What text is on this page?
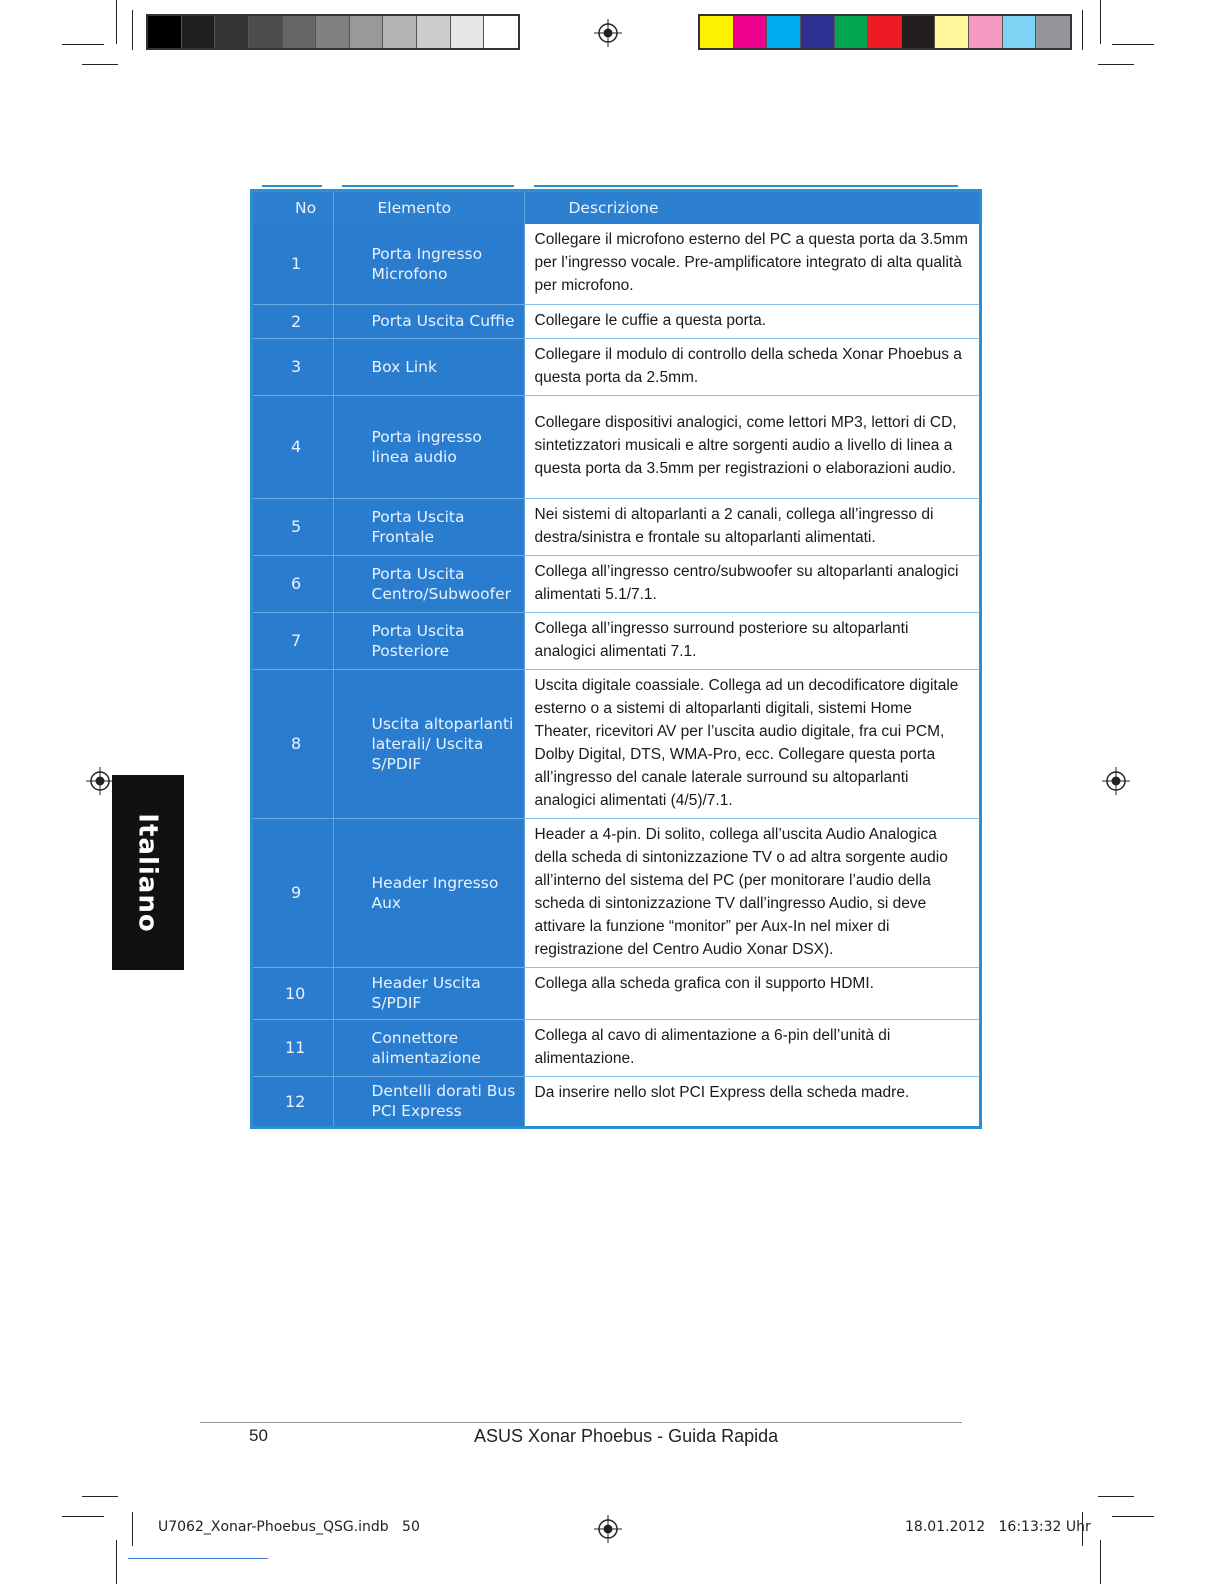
Italiano
No	Elemento	Descrizione
1	Porta Ingresso Microfono	Collegare il microfono esterno del PC a questa porta da 3.5mm per l’ingresso vocale. Pre-amplificatore integrato di alta qualità per microfono.
2	Porta Uscita Cuffie	Collegare le cuffie a questa porta.
3	Box Link	Collegare il modulo di controllo della scheda Xonar Phoebus a questa porta da 2.5mm.
4	Porta ingresso linea audio	Collegare dispositivi analogici, come lettori MP3, lettori di CD, sintetizzatori musicali e altre sorgenti audio a livello di linea a questa porta da 3.5mm per registrazioni o elaborazioni audio.
5	Porta Uscita Frontale	Nei sistemi di altoparlanti a 2 canali, collega all’ingresso di destra/sinistra e frontale su altoparlanti alimentati.
6	Porta Uscita Centro/Subwoofer	Collega all’ingresso centro/subwoofer su altoparlanti analogici alimentati 5.1/7.1.
7	Porta Uscita Posteriore	Collega all’ingresso surround posteriore su altoparlanti analogici alimentati 7.1.
8	Uscita altoparlanti laterali/ Uscita S/PDIF	Uscita digitale coassiale. Collega ad un decodificatore digitale esterno o a sistemi di altoparlanti digitali, sistemi Home Theater, ricevitori AV per l’uscita audio digitale, fra cui PCM, Dolby Digital, DTS, WMA-Pro, ecc. Collegare questa porta all’ingresso del canale laterale surround su altoparlanti analogici alimentati (4/5)/7.1.
9	Header Ingresso Aux	Header a 4-pin. Di solito, collega all’uscita Audio Analogica della scheda di sintonizzazione TV o ad altra sorgente audio all’interno del sistema del PC (per monitorare l’audio della scheda di sintonizzazione TV dall’ingresso Audio, si deve attivare la funzione “monitor” per Aux-In nel mixer di registrazione del Centro Audio Xonar DSX).
10	Header Uscita S/PDIF	Collega alla scheda grafica con il supporto HDMI.
11	Connettore alimentazione	Collega al cavo di alimentazione a 6-pin dell’unità di alimentazione.
12	Dentelli dorati Bus PCI Express	Da inserire nello slot PCI Express della scheda madre.
50	ASUS Xonar Phoebus - Guida Rapida
U7062_Xonar-Phoebus_QSG.indb   50	18.01.2012   16:13:32 Uhr
